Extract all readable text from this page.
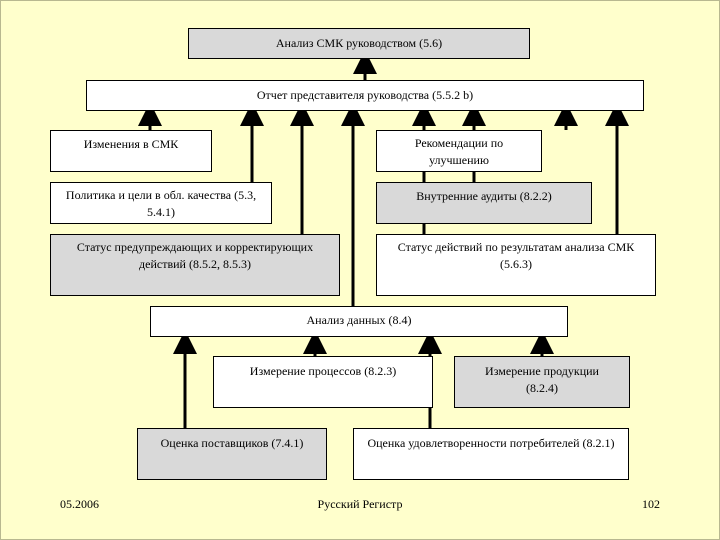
Анализ СМК руководством (5.6)
Отчет представителя руководства (5.5.2 b)
Изменения в СМК	Рекомендации по улучшению
Политика и цели в обл. качества (5.3, 5.4.1)
Внутренние аудиты (8.2.2)
Статус предупреждающих и корректирующих действий (8.5.2, 8.5.3)
Статус действий по результатам анализа СМК (5.6.3)
Анализ данных (8.4)
Измерение процессов (8.2.3)	Измерение продукции (8.2.4)
Оценка поставщиков (7.4.1)	Оценка удовлетворенности потребителей (8.2.1)
05.2006	Русский Регистр	102
